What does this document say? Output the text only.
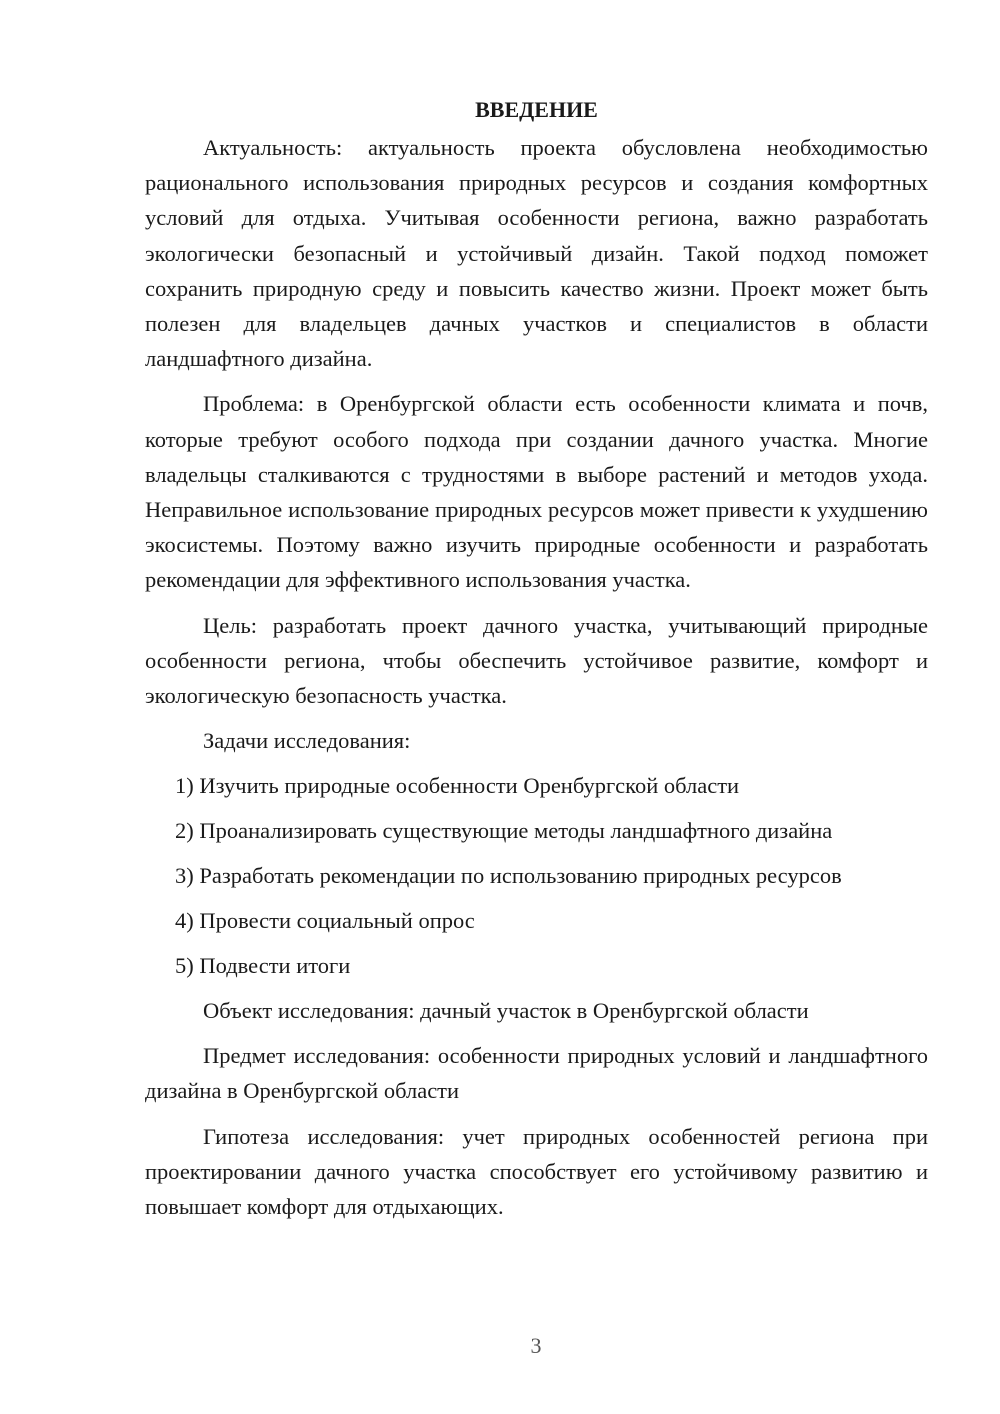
ВВЕДЕНИЕ

Актуальность: актуальность проекта обусловлена необходимостью рационального использования природных ресурсов и создания комфортных условий для отдыха. Учитывая особенности региона, важно разработать экологически безопасный и устойчивый дизайн. Такой подход поможет сохранить природную среду и повысить качество жизни. Проект может быть полезен для владельцев дачных участков и специалистов в области ландшафтного дизайна.

Проблема: в Оренбургской области есть особенности климата и почв, которые требуют особого подхода при создании дачного участка. Многие владельцы сталкиваются с трудностями в выборе растений и методов ухода. Неправильное использование природных ресурсов может привести к ухудшению экосистемы. Поэтому важно изучить природные особенности и разработать рекомендации для эффективного использования участка.

Цель: разработать проект дачного участка, учитывающий природные особенности региона, чтобы обеспечить устойчивое развитие, комфорт и экологическую безопасность участка.

Задачи исследования:

1) Изучить природные особенности Оренбургской области

2) Проанализировать существующие методы ландшафтного дизайна

3) Разработать рекомендации по использованию природных ресурсов

4) Провести социальный опрос

5) Подвести итоги

Объект исследования: дачный участок в Оренбургской области

Предмет исследования: особенности природных условий и ландшафтного дизайна в Оренбургской области

Гипотеза исследования: учет природных особенностей региона при проектировании дачного участка способствует его устойчивому развитию и повышает комфорт для отдыхающих.

3
